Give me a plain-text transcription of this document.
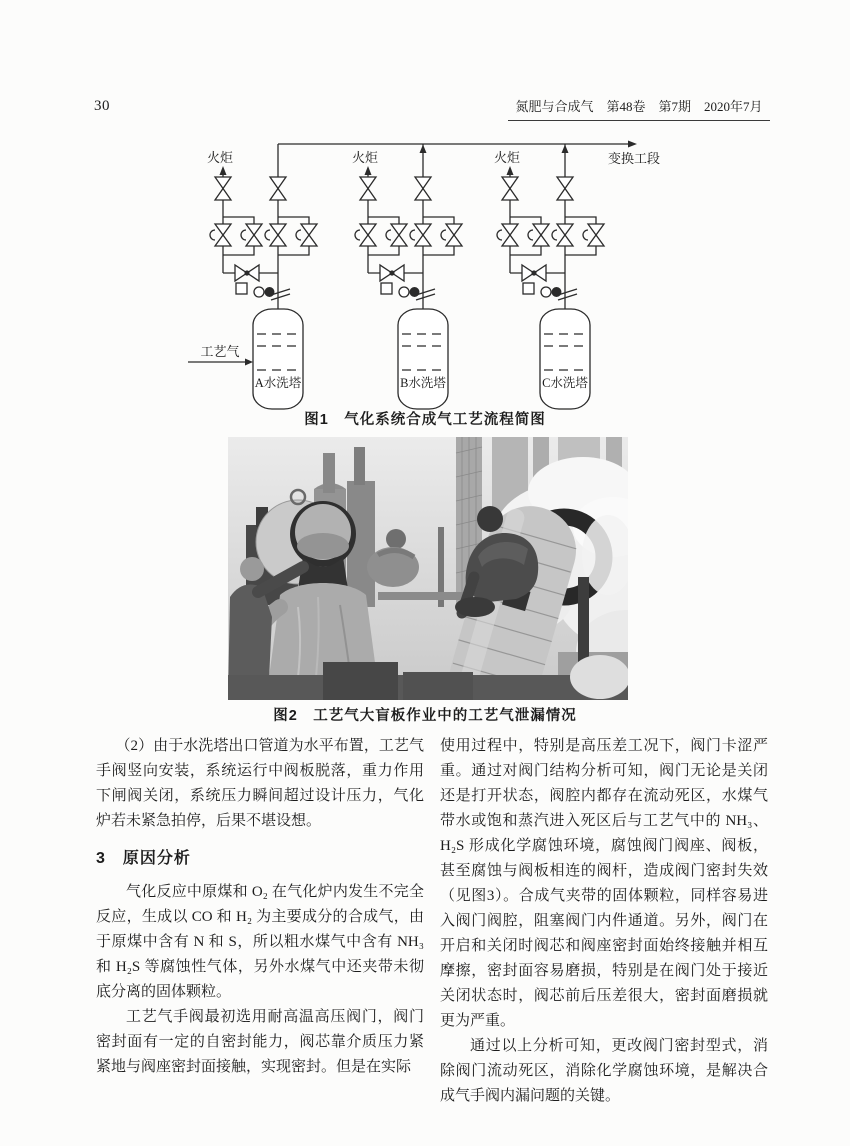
30	氮肥与合成气　第48卷　第7期　2020年7月
火炬	火炬	火炬	变换工段
工艺气
A水洗塔	B水洗塔	C水洗塔
图1　气化系统合成气工艺流程简图
图2　工艺气大盲板作业中的工艺气泄漏情况

（2）由于水洗塔出口管道为水平布置，工艺气手阀竖向安装，系统运行中阀板脱落，重力作用下闸阀关闭，系统压力瞬间超过设计压力，气化炉若未紧急拍停，后果不堪设想。

3　原因分析

气化反应中原煤和 O₂ 在气化炉内发生不完全反应，生成以 CO 和 H₂ 为主要成分的合成气，由于原煤中含有 N 和 S，所以粗水煤气中含有 NH₃ 和 H₂S 等腐蚀性气体，另外水煤气中还夹带未彻底分离的固体颗粒。

工艺气手阀最初选用耐高温高压阀门，阀门密封面有一定的自密封能力，阀芯靠介质压力紧紧地与阀座密封面接触，实现密封。但是在实际

使用过程中，特别是高压差工况下，阀门卡涩严重。通过对阀门结构分析可知，阀门无论是关闭还是打开状态，阀腔内都存在流动死区，水煤气带水或饱和蒸汽进入死区后与工艺气中的 NH₃、H₂S 形成化学腐蚀环境，腐蚀阀门阀座、阀板，甚至腐蚀与阀板相连的阀杆，造成阀门密封失效（见图3）。合成气夹带的固体颗粒，同样容易进入阀门阀腔，阻塞阀门内件通道。另外，阀门在开启和关闭时阀芯和阀座密封面始终接触并相互摩擦，密封面容易磨损，特别是在阀门处于接近关闭状态时，阀芯前后压差很大，密封面磨损就更为严重。

通过以上分析可知，更改阀门密封型式，消除阀门流动死区，消除化学腐蚀环境，是解决合成气手阀内漏问题的关键。
